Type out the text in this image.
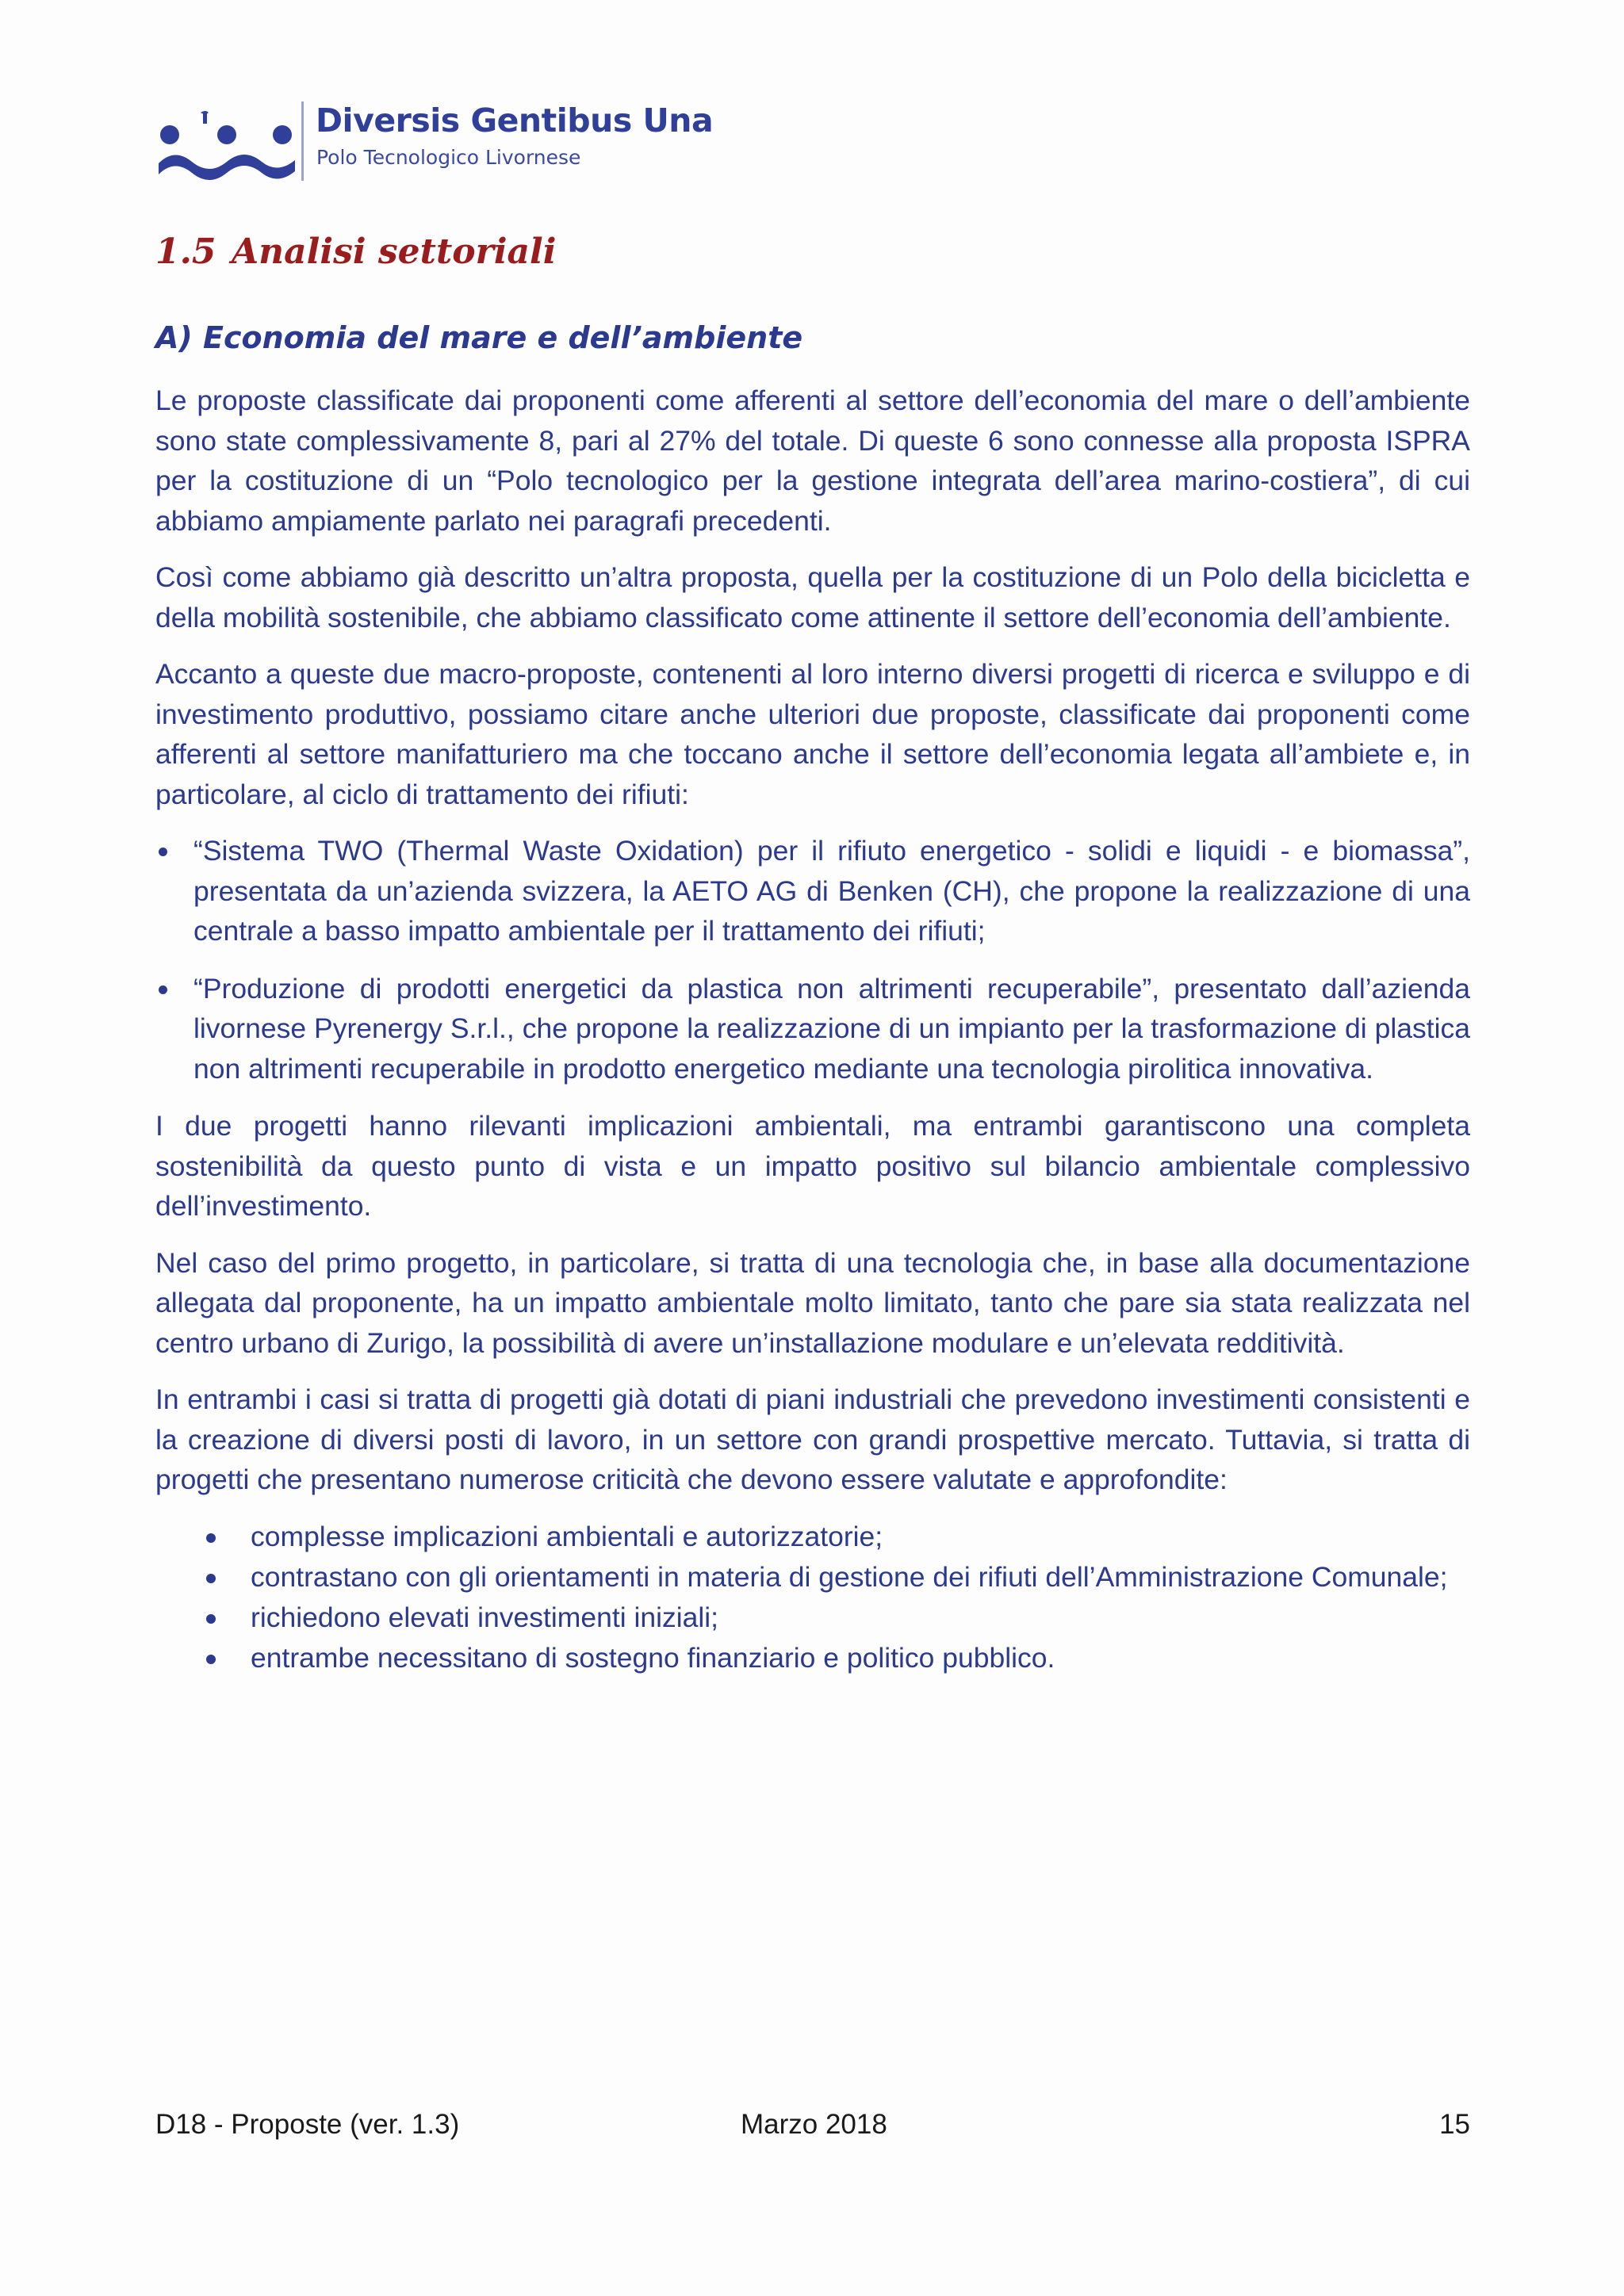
Diversis Gentibus Una
Polo Tecnologico Livornese
1.5 Analisi settoriali
A) Economia del mare e dell’ambiente

Le proposte classificate dai proponenti come afferenti al settore dell’economia del mare o dell’ambiente sono state complessivamente 8, pari al 27% del totale. Di queste 6 sono connesse alla proposta ISPRA per la costituzione di un “Polo tecnologico per la gestione integrata dell’area marino-costiera”, di cui abbiamo ampiamente parlato nei paragrafi precedenti.

Così come abbiamo già descritto un’altra proposta, quella per la costituzione di un Polo della bicicletta e della mobilità sostenibile, che abbiamo classificato come attinente il settore dell’economia dell’ambiente.

Accanto a queste due macro-proposte, contenenti al loro interno diversi progetti di ricerca e sviluppo e di investimento produttivo, possiamo citare anche ulteriori due proposte, classificate dai proponenti come afferenti al settore manifatturiero ma che toccano anche il settore dell’economia legata all’ambiete e, in particolare, al ciclo di trattamento dei rifiuti:

“Sistema TWO (Thermal Waste Oxidation) per il rifiuto energetico - solidi e liquidi - e biomassa”, presentata da un’azienda svizzera, la AETO AG di Benken (CH), che propone la realizzazione di una centrale a basso impatto ambientale per il trattamento dei rifiuti;
“Produzione di prodotti energetici da plastica non altrimenti recuperabile”, presentato dall’azienda livornese Pyrenergy S.r.l., che propone la realizzazione di un impianto per la trasformazione di plastica non altrimenti recuperabile in prodotto energetico mediante una tecnologia pirolitica innovativa.

I due progetti hanno rilevanti implicazioni ambientali, ma entrambi garantiscono una completa sostenibilità da questo punto di vista e un impatto positivo sul bilancio ambientale complessivo dell’investimento.

Nel caso del primo progetto, in particolare, si tratta di una tecnologia che, in base alla documentazione allegata dal proponente, ha un impatto ambientale molto limitato, tanto che pare sia stata realizzata nel centro urbano di Zurigo, la possibilità di avere un’installazione modulare e un’elevata redditività.

In entrambi i casi si tratta di progetti già dotati di piani industriali che prevedono investimenti consistenti e la creazione di diversi posti di lavoro, in un settore con grandi prospettive mercato. Tuttavia, si tratta di progetti che presentano numerose criticità che devono essere valutate e approfondite:

complesse implicazioni ambientali e autorizzatorie;
contrastano con gli orientamenti in materia di gestione dei rifiuti dell’Amministrazione Comunale;
richiedono elevati investimenti iniziali;
entrambe necessitano di sostegno finanziario e politico pubblico.
D18 - Proposte (ver. 1.3)	Marzo 2018	15
